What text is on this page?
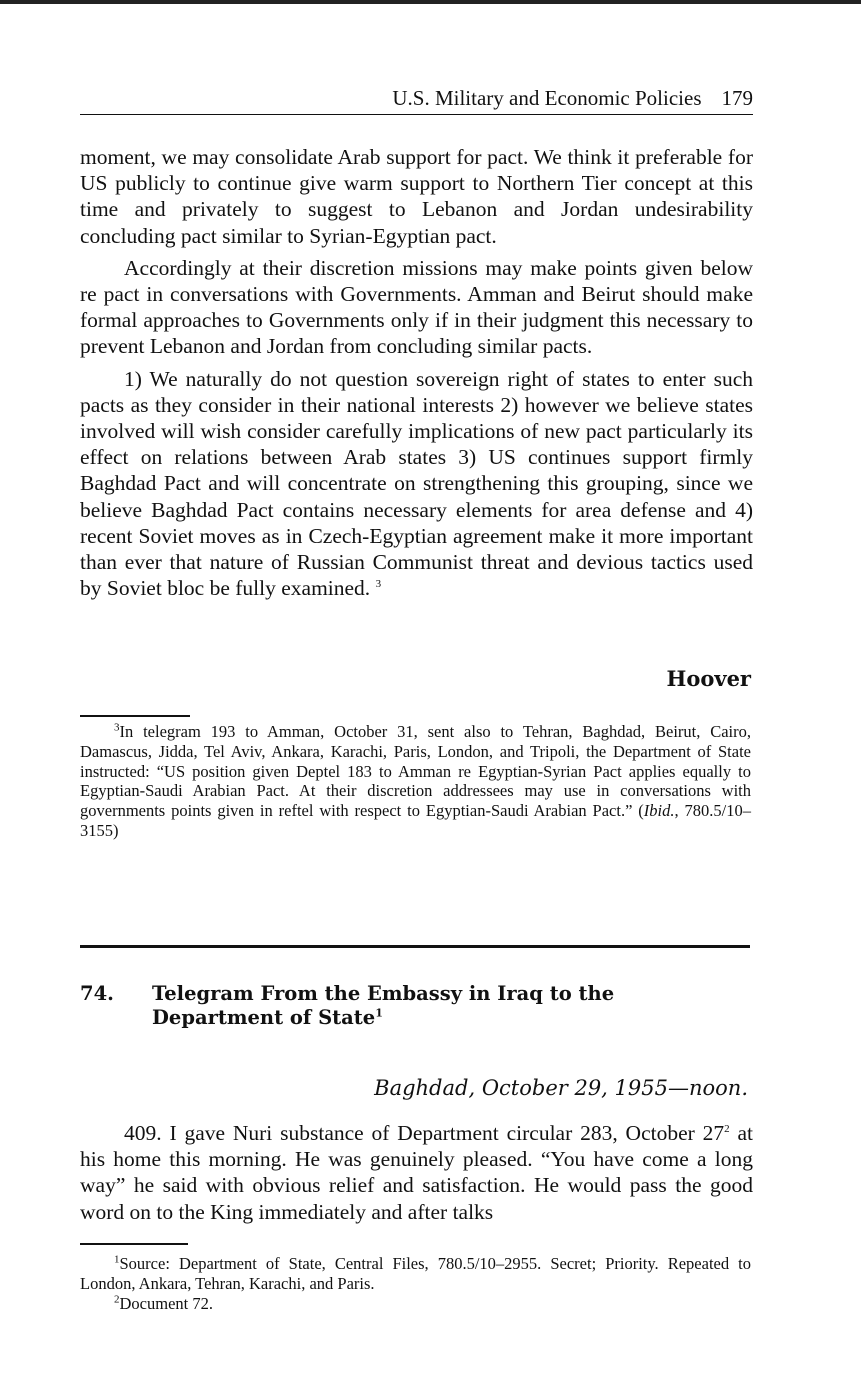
U.S. Military and Economic Policies 179

moment, we may consolidate Arab support for pact. We think it preferable for US publicly to continue give warm support to Northern Tier concept at this time and privately to suggest to Lebanon and Jordan undesirability concluding pact similar to Syrian-Egyptian pact.

Accordingly at their discretion missions may make points given below re pact in conversations with Governments. Amman and Beirut should make formal approaches to Governments only if in their judgment this necessary to prevent Lebanon and Jordan from concluding similar pacts.

1) We naturally do not question sovereign right of states to enter such pacts as they consider in their national interests 2) however we believe states involved will wish consider carefully implications of new pact particularly its effect on relations between Arab states 3) US continues support firmly Baghdad Pact and will concentrate on strengthening this grouping, since we believe Baghdad Pact contains necessary elements for area defense and 4) recent Soviet moves as in Czech-Egyptian agreement make it more important than ever that nature of Russian Communist threat and devious tactics used by Soviet bloc be fully examined. $^3$

Hoover

$^3$In telegram 193 to Amman, October 31, sent also to Tehran, Baghdad, Beirut, Cairo, Damascus, Jidda, Tel Aviv, Ankara, Karachi, Paris, London, and Tripoli, the Department of State instructed: “US position given Deptel 183 to Amman re Egyptian-Syrian Pact applies equally to Egyptian-Saudi Arabian Pact. At their discretion addressees may use in conversations with governments points given in reftel with respect to Egyptian-Saudi Arabian Pact.” (Ibid., 780.5/10–3155)

74. Telegram From the Embassy in Iraq to the Department of State$^1$
Baghdad, October 29, 1955—noon.

409. I gave Nuri substance of Department circular 283, October $27^2$ at his home this morning. He was genuinely pleased. “You have come a long way” he said with obvious relief and satisfaction. He would pass the good word on to the King immediately and after talks

$^1$Source: Department of State, Central Files, 780.5/10–2955. Secret; Priority. Repeated to London, Ankara, Tehran, Karachi, and Paris.

$^2$Document 72.
